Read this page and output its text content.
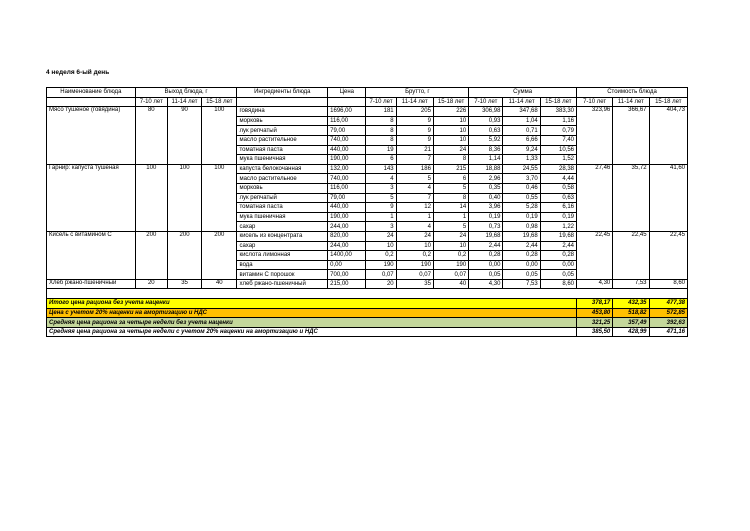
4 неделя 6-ый день
Наименование блюда	Выход блюда, г			Ингредиенты блюда	Цена	Брутто, г			Сумма			Стоимость блюда		
	7-10 лет	11-14 лет	15-18 лет			7-10 лет	11-14 лет	15-18 лет	7-10 лет	11-14 лет	15-18 лет	7-10 лет	11-14 лет	15-18 лет
Мясо тушеное (говядина)	80	90	100	говядина	1696,00	181	205	226	306,98	347,68	383,30	323,96	366,67	404,73
				морковь	116,00	8	9	10	0,93	1,04	1,16			
				лук репчатый	79,00	8	9	10	0,63	0,71	0,79			
				масло растительное	740,00	8	9	10	5,92	6,66	7,40			
				томатная паста	440,00	19	21	24	8,36	9,24	10,56			
				мука пшеничная	190,00	6	7	8	1,14	1,33	1,52			
Гарнир: капуста тушеная	100	100	100	капуста белокочанная	132,00	143	186	215	18,88	24,55	28,38	27,46	35,72	41,60
				масло растительное	740,00	4	5	6	2,96	3,70	4,44			
				морковь	116,00	3	4	5	0,35	0,46	0,58			
				лук репчатый	79,00	5	7	8	0,40	0,55	0,63			
				томатная паста	440,00	9	12	14	3,96	5,28	6,16			
				мука пшеничная	190,00	1	1	1	0,19	0,19	0,19			
				сахар	244,00	3	4	5	0,73	0,98	1,22			
Кисель с витамином С	200	200	200	кисель из концентрата	820,00	24	24	24	19,68	19,68	19,68	22,45	22,45	22,45
				сахар	244,00	10	10	10	2,44	2,44	2,44			
				кислота лимонная	1400,00	0,2	0,2	0,2	0,28	0,28	0,28			
				вода	0,00	190	190	190	0,00	0,00	0,00			
				витамин С порошок	700,00	0,07	0,07	0,07	0,05	0,05	0,05			
Хлеб ржано-пшеничный	20	35	40	хлеб ржано-пшеничный	215,00	20	35	40	4,30	7,53	8,60	4,30	7,53	8,60

Итого цена рациона без учета наценки												378,17	432,35	477,38
Цена с учетом 20% наценки на амортизацию и НДС												453,80	518,82	572,85
Средняя цена рациона за четыре недели без учета наценки												321,25	357,49	392,63
Средняя цена рациона за четыре недели с учетом 20% наценки на амортизацию и НДС												385,50	428,99	471,16
